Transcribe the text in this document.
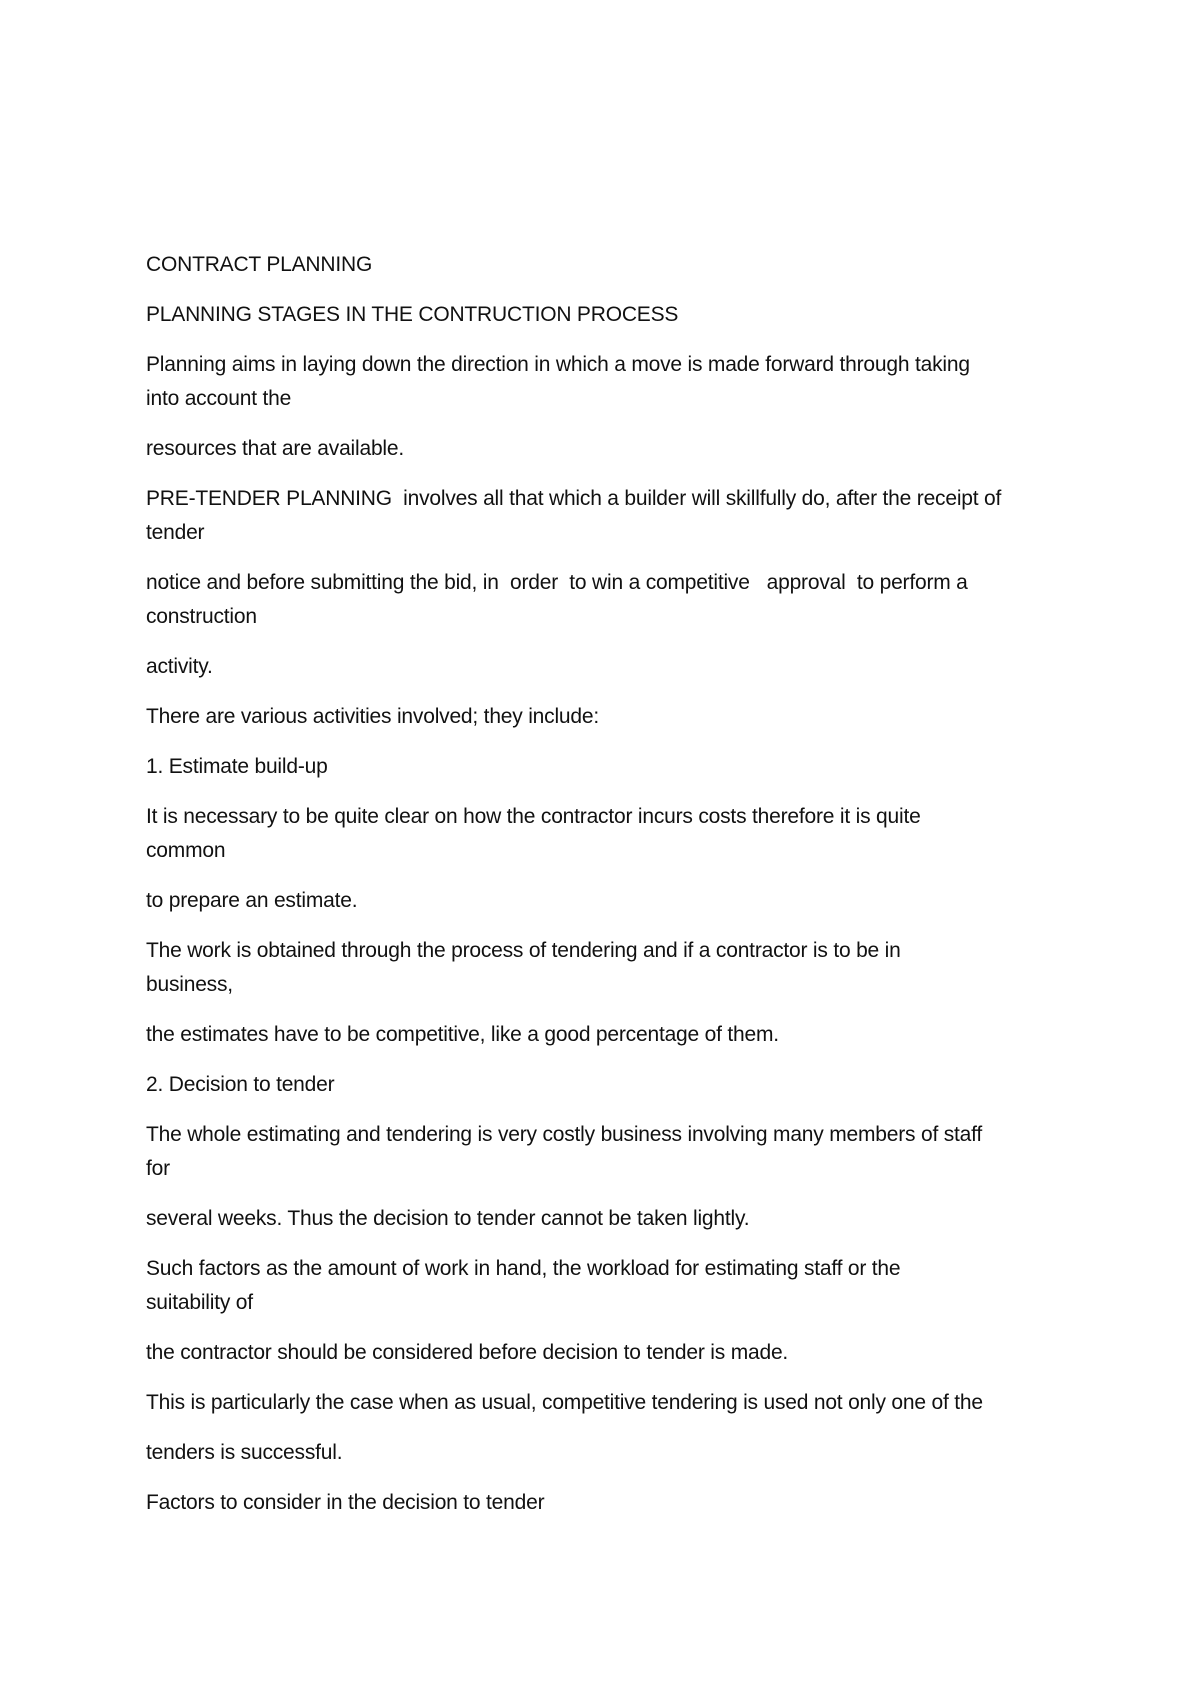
CONTRACT PLANNING

PLANNING STAGES IN THE CONTRUCTION PROCESS

Planning aims in laying down the direction in which a move is made forward through taking
into account the

resources that are available.

PRE-TENDER PLANNING  involves all that which a builder will skillfully do, after the receipt of
tender

notice and before submitting the bid, in  order  to win a competitive   approval  to perform a
construction

activity.

There are various activities involved; they include:

1. Estimate build-up

It is necessary to be quite clear on how the contractor incurs costs therefore it is quite
common

to prepare an estimate.

The work is obtained through the process of tendering and if a contractor is to be in
business,

the estimates have to be competitive, like a good percentage of them.

2. Decision to tender

The whole estimating and tendering is very costly business involving many members of staff
for

several weeks. Thus the decision to tender cannot be taken lightly.

Such factors as the amount of work in hand, the workload for estimating staff or the
suitability of

the contractor should be considered before decision to tender is made.

This is particularly the case when as usual, competitive tendering is used not only one of the

tenders is successful.

Factors to consider in the decision to tender
